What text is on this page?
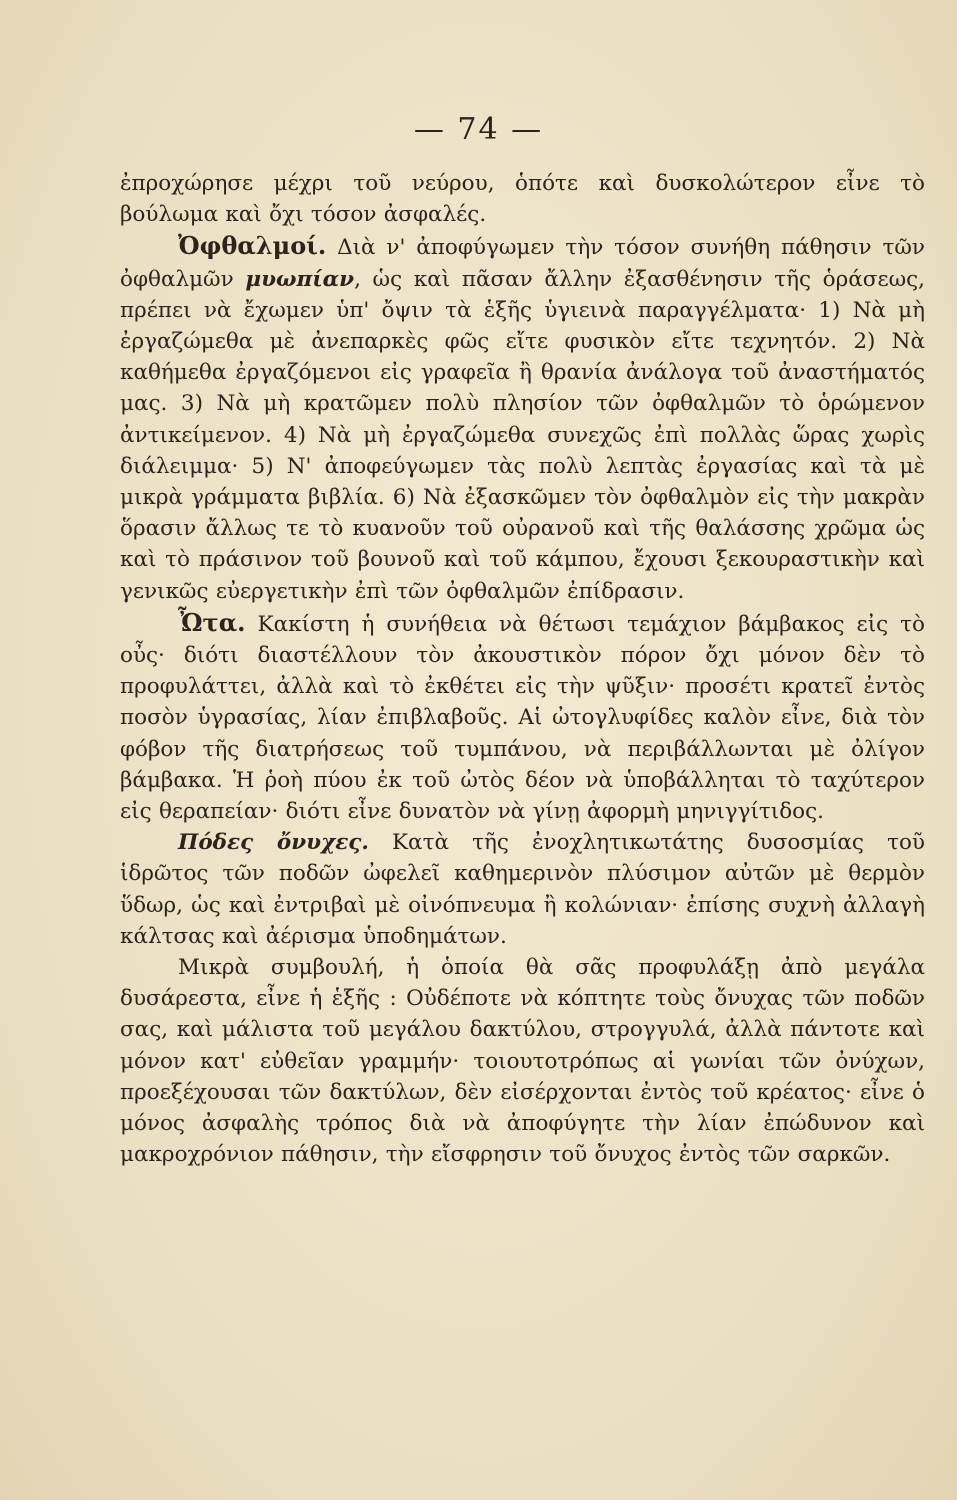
— 74 —

ἐπροχώρησε μέχρι τοῦ νεύρου, ὁπότε καὶ δυσκολώτερον εἶνε τὸ βούλωμα καὶ ὄχι τόσον ἀσφαλές.

Ὀφθαλμοί. Διὰ ν' ἀποφύγωμεν τὴν τόσον συνήθη πάθησιν τῶν ὀφθαλμῶν μυωπίαν, ὡς καὶ πᾶσαν ἄλλην ἐξασθένησιν τῆς ὁράσεως, πρέπει νὰ ἔχωμεν ὑπ' ὄψιν τὰ ἑξῆς ὑγιεινὰ παραγγέλματα· 1) Νὰ μὴ ἐργαζώμεθα μὲ ἀνεπαρκὲς φῶς εἴτε φυσικὸν εἴτε τεχνητόν. 2) Νὰ καθήμεθα ἐργαζόμενοι εἰς γραφεῖα ἢ θρανία ἀνάλογα τοῦ ἀναστήματός μας. 3) Νὰ μὴ κρατῶμεν πολὺ πλησίον τῶν ὀφθαλμῶν τὸ ὁρώμενον ἀντικείμενον. 4) Νὰ μὴ ἐργαζώμεθα συνεχῶς ἐπὶ πολλὰς ὥρας χωρὶς διάλειμμα· 5) Ν' ἀποφεύγωμεν τὰς πολὺ λεπτὰς ἐργασίας καὶ τὰ μὲ μικρὰ γράμματα βιβλία. 6) Νὰ ἐξασκῶμεν τὸν ὀφθαλμὸν εἰς τὴν μακρὰν ὅρασιν ἄλλως τε τὸ κυανοῦν τοῦ οὐρανοῦ καὶ τῆς θαλάσσης χρῶμα ὡς καὶ τὸ πράσινον τοῦ βουνοῦ καὶ τοῦ κάμπου, ἔχουσι ξεκουραστικὴν καὶ γενικῶς εὐεργετικὴν ἐπὶ τῶν ὀφθαλμῶν ἐπίδρασιν.

Ὦτα. Κακίστη ἡ συνήθεια νὰ θέτωσι τεμάχιον βάμβακος εἰς τὸ οὖς· διότι διαστέλλουν τὸν ἀκουστικὸν πόρον ὄχι μόνον δὲν τὸ προφυλάττει, ἀλλὰ καὶ τὸ ἐκθέτει εἰς τὴν ψῦξιν· προσέτι κρατεῖ ἐντὸς ποσὸν ὑγρασίας, λίαν ἐπιβλαβοῦς. Αἱ ὠτογλυφίδες καλὸν εἶνε, διὰ τὸν φόβον τῆς διατρήσεως τοῦ τυμπάνου, νὰ περιβάλλωνται μὲ ὀλίγον βάμβακα. Ἡ ῥοὴ πύου ἐκ τοῦ ὠτὸς δέον νὰ ὑποβάλληται τὸ ταχύτερον εἰς θεραπείαν· διότι εἶνε δυνατὸν νὰ γίνῃ ἀφορμὴ μηνιγγίτιδος.

Πόδες ὄνυχες. Κατὰ τῆς ἐνοχλητικωτάτης δυσοσμίας τοῦ ἱδρῶτος τῶν ποδῶν ὠφελεῖ καθημερινὸν πλύσιμον αὐτῶν μὲ θερμὸν ὕδωρ, ὡς καὶ ἐντριβαὶ μὲ οἰνόπνευμα ἢ κολώνιαν· ἐπίσης συχνὴ ἀλλαγὴ κάλτσας καὶ ἀέρισμα ὑποδημάτων.

Μικρὰ συμβουλή, ἡ ὁποία θὰ σᾶς προφυλάξῃ ἀπὸ μεγάλα δυσάρεστα, εἶνε ἡ ἑξῆς : Οὐδέποτε νὰ κόπτητε τοὺς ὄνυχας τῶν ποδῶν σας, καὶ μάλιστα τοῦ μεγάλου δακτύλου, στρογγυλά, ἀλλὰ πάντοτε καὶ μόνον κατ' εὐθεῖαν γραμμήν· τοιουτοτρόπως αἱ γωνίαι τῶν ὀνύχων, προεξέχουσαι τῶν δακτύλων, δὲν εἰσέρχονται ἐντὸς τοῦ κρέατος· εἶνε ὁ μόνος ἀσφαλὴς τρόπος διὰ νὰ ἀποφύγητε τὴν λίαν ἐπώδυνον καὶ μακροχρόνιον πάθησιν, τὴν εἴσφρησιν τοῦ ὄνυχος ἐντὸς τῶν σαρκῶν.
